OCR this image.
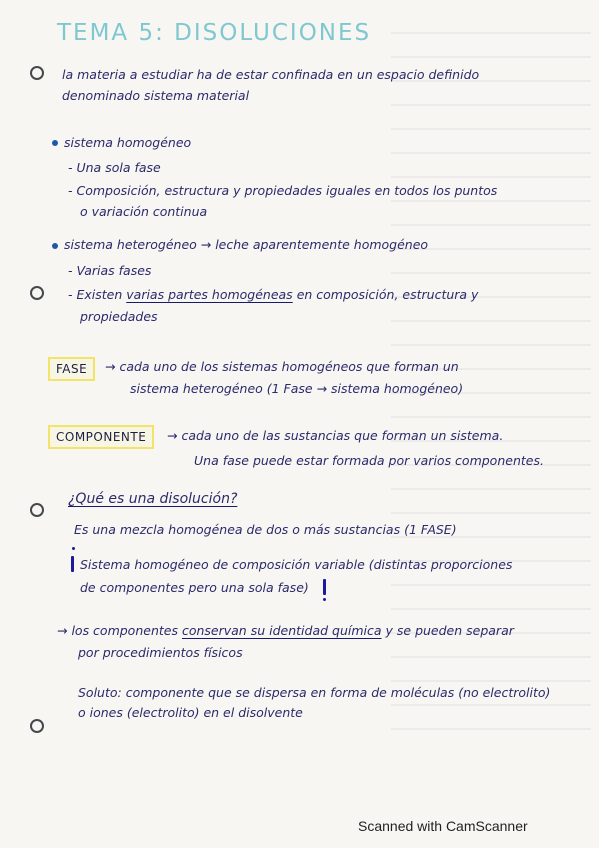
TEMA 5: DISOLUCIONES

la materia a estudiar ha de estar confinada en un espacio definido

denominado sistema material

sistema homogéneo

- Una sola fase

- Composición, estructura y propiedades iguales en todos los puntos

o variación continua

sistema heterogéneo → leche aparentemente homogéneo

- Varias fases

- Existen varias partes homogéneas en composición, estructura y

propiedades

FASE	→ cada uno de los sistemas homogéneos que forman un

sistema heterogéneo (1 Fase → sistema homogéneo)

COMPONENTE	→ cada uno de las sustancias que forman un sistema.

Una fase puede estar formada por varios componentes.

¿Qué es una disolución?

Es una mezcla homogénea de dos o más sustancias (1 FASE)

Sistema homogéneo de composición variable (distintas proporciones

de componentes pero una sola fase)

→ los componentes conservan su identidad química y se pueden separar

por procedimientos físicos

Soluto: componente que se dispersa en forma de moléculas (no electrolito)

o iones (electrolito) en el disolvente

Scanned with CamScanner
